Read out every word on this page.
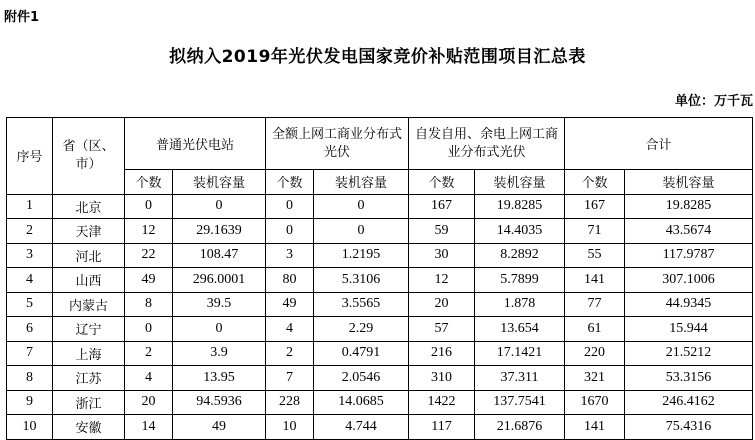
附件1
拟纳入2019年光伏发电国家竞价补贴范围项目汇总表
单位：万千瓦
序号	省（区、市）	普通光伏电站		全额上网工商业分布式光伏		自发自用、余电上网工商业分布式光伏		合计	
		个数	装机容量	个数	装机容量	个数	装机容量	个数	装机容量
1	北京	0	0	0	0	167	19.8285	167	19.8285
2	天津	12	29.1639	0	0	59	14.4035	71	43.5674
3	河北	22	108.47	3	1.2195	30	8.2892	55	117.9787
4	山西	49	296.0001	80	5.3106	12	5.7899	141	307.1006
5	内蒙古	8	39.5	49	3.5565	20	1.878	77	44.9345
6	辽宁	0	0	4	2.29	57	13.654	61	15.944
7	上海	2	3.9	2	0.4791	216	17.1421	220	21.5212
8	江苏	4	13.95	7	2.0546	310	37.311	321	53.3156
9	浙江	20	94.5936	228	14.0685	1422	137.7541	1670	246.4162
10	安徽	14	49	10	4.744	117	21.6876	141	75.4316
